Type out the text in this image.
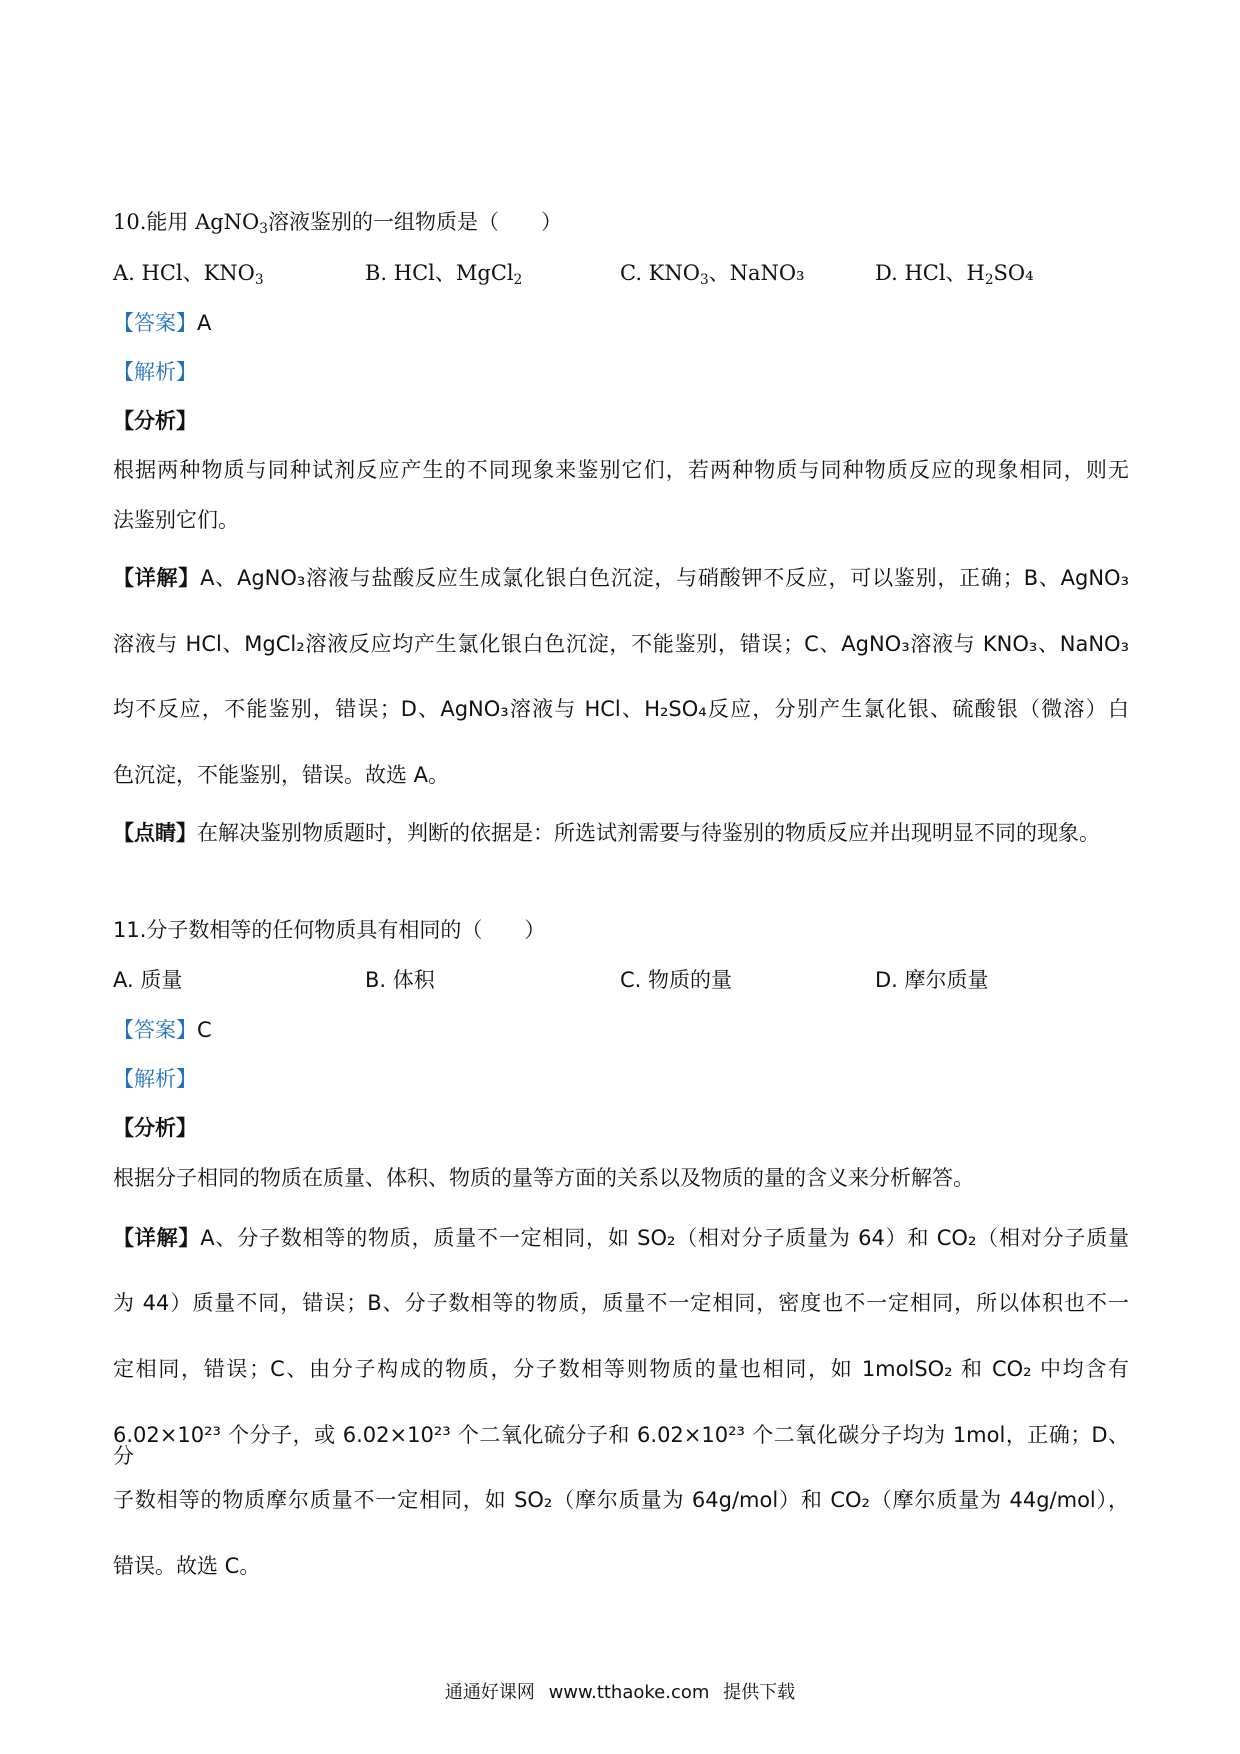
10.能用 AgNO$_3$溶液鉴别的一组物质是（　　）
A. HCl、$KNO_3$	B. HCl、MgCl$_2$	C. $KNO_3$、NaNO₃	D. HCl、$H_2SO_4$
【答案】A
【解析】
【分析】
根据两种物质与同种试剂反应产生的不同现象来鉴别它们，若两种物质与同种物质反应的现象相同，则无
法鉴别它们。
【详解】A、AgNO₃溶液与盐酸反应生成氯化银白色沉淀，与硝酸钾不反应，可以鉴别，正确；B、AgNO₃
溶液与 HCl、MgCl₂溶液反应均产生氯化银白色沉淀，不能鉴别，错误；C、AgNO₃溶液与 KNO₃、NaNO₃
均不反应，不能鉴别，错误；D、AgNO₃溶液与 HCl、H₂SO₄反应，分别产生氯化银、硫酸银（微溶）白
色沉淀，不能鉴别，错误。故选 A。
【点睛】在解决鉴别物质题时，判断的依据是：所选试剂需要与待鉴别的物质反应并出现明显不同的现象。
11.分子数相等的任何物质具有相同的（　　）
A. 质量	B. 体积	C. 物质的量	D. 摩尔质量
【答案】C
【解析】
【分析】
根据分子相同的物质在质量、体积、物质的量等方面的关系以及物质的量的含义来分析解答。
【详解】A、分子数相等的物质，质量不一定相同，如 SO₂（相对分子质量为 64）和 CO₂（相对分子质量
为 44）质量不同，错误；B、分子数相等的物质，质量不一定相同，密度也不一定相同，所以体积也不一
定相同，错误；C、由分子构成的物质，分子数相等则物质的量也相同，如 1molSO₂ 和 CO₂ 中均含有
6.02×10²³ 个分子，或 6.02×10²³ 个二氧化硫分子和 6.02×10²³ 个二氧化碳分子均为 1mol，正确；D、分
子数相等的物质摩尔质量不一定相同，如 SO₂（摩尔质量为 64g/mol）和 CO₂（摩尔质量为 44g/mol），
错误。故选 C。
通通好课网 www.tthaoke.com 提供下载
